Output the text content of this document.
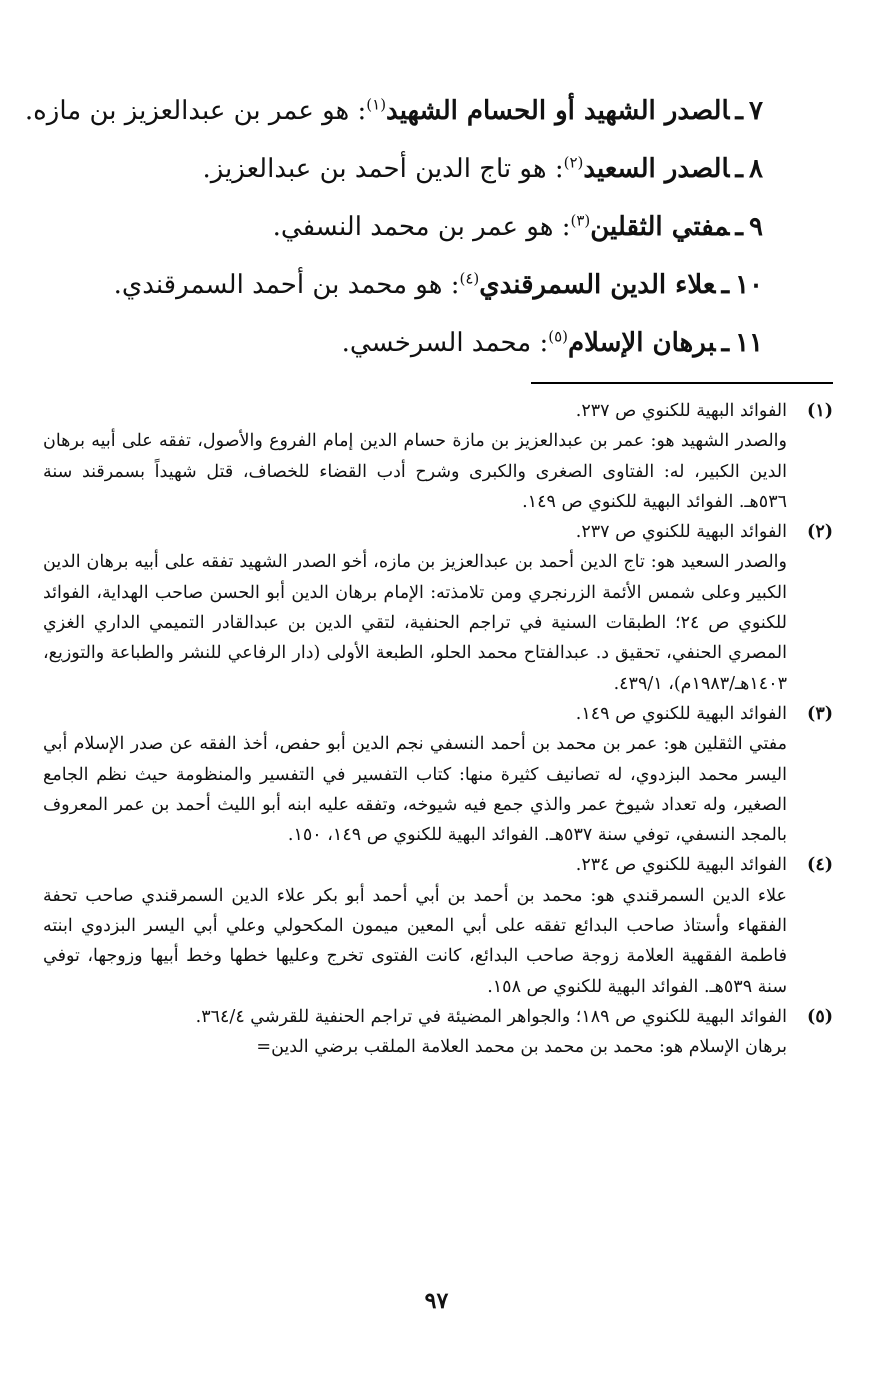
٧ـالصدر الشهيد أو الحسام الشهيد$^{(١)}$: هو عمر بن عبدالعزيز بن مازه.
٨ـالصدر السعيد$^{(٢)}$: هو تاج الدين أحمد بن عبدالعزيز.
٩ـمفتي الثقلين$^{(٣)}$: هو عمر بن محمد النسفي.
١٠ـعلاء الدين السمرقندي$^{(٤)}$: هو محمد بن أحمد السمرقندي.
١١ـبرهان الإسلام$^{(٥)}$: محمد السرخسي.
(١)
الفوائد البهية للكنوي ص ٢٣٧.
والصدر الشهيد هو: عمر بن عبدالعزيز بن مازة حسام الدين إمام الفروع والأصول، تفقه على أبيه برهان الدين الكبير، له: الفتاوى الصغرى والكبرى وشرح أدب القضاء للخصاف، قتل شهيداً بسمرقند سنة ٥٣٦هـ. الفوائد البهية للكنوي ص ١٤٩.
(٢)
الفوائد البهية للكنوي ص ٢٣٧.
والصدر السعيد هو: تاج الدين أحمد بن عبدالعزيز بن مازه، أخو الصدر الشهيد تفقه على أبيه برهان الدين الكبير وعلى شمس الأئمة الزرنجري ومن تلامذته: الإمام برهان الدين أبو الحسن صاحب الهداية، الفوائد للكنوي ص ٢٤؛ الطبقات السنية في تراجم الحنفية، لتقي الدين بن عبدالقادر التميمي الداري الغزي المصري الحنفي، تحقيق د. عبدالفتاح محمد الحلو، الطبعة الأولى (دار الرفاعي للنشر والطباعة والتوزيع، ١٤٠٣هـ/١٩٨٣م)، ٤٣٩/١.
(٣)
الفوائد البهية للكنوي ص ١٤٩.
مفتي الثقلين هو: عمر بن محمد بن أحمد النسفي نجم الدين أبو حفص، أخذ الفقه عن صدر الإسلام أبي اليسر محمد البزدوي، له تصانيف كثيرة منها: كتاب التفسير في التفسير والمنظومة حيث نظم الجامع الصغير، وله تعداد شيوخ عمر والذي جمع فيه شيوخه، وتفقه عليه ابنه أبو الليث أحمد بن عمر المعروف بالمجد النسفي، توفي سنة ٥٣٧هـ. الفوائد البهية للكنوي ص ١٤٩، ١٥٠.
(٤)
الفوائد البهية للكنوي ص ٢٣٤.
علاء الدين السمرقندي هو: محمد بن أحمد بن أبي أحمد أبو بكر علاء الدين السمرقندي صاحب تحفة الفقهاء وأستاذ صاحب البدائع تفقه على أبي المعين ميمون المكحولي وعلي أبي اليسر البزدوي ابنته فاطمة الفقهية العلامة زوجة صاحب البدائع، كانت الفتوى تخرج وعليها خطها وخط أبيها وزوجها، توفي سنة ٥٣٩هـ. الفوائد البهية للكنوي ص ١٥٨.
(٥)
الفوائد البهية للكنوي ص ١٨٩؛ والجواهر المضيئة في تراجم الحنفية للقرشي ٣٦٤/٤.
برهان الإسلام هو: محمد بن محمد بن محمد العلامة الملقب برضي الدين=
٩٧
